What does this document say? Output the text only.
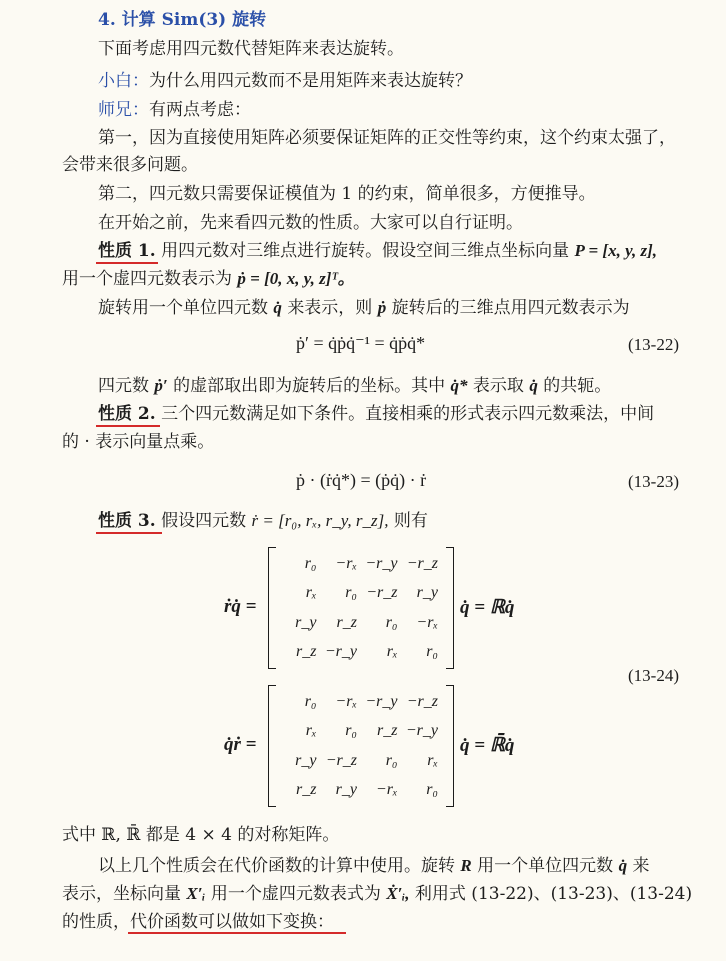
4. 计算 Sim(3) 旋转
下面考虑用四元数代替矩阵来表达旋转。
小白：为什么用四元数而不是用矩阵来表达旋转？
师兄：有两点考虑：
第一，因为直接使用矩阵必须要保证矩阵的正交性等约束，这个约束太强了，
会带来很多问题。
第二，四元数只需要保证模值为 1 的约束，简单很多，方便推导。
在开始之前，先来看四元数的性质。大家可以自行证明。
性质 1. 用四元数对三维点进行旋转。假设空间三维点坐标向量 P = [x, y, z],
用一个虚四元数表示为 ṗ = [0, x, y, z]ᵀ。
旋转用一个单位四元数 q̇ 来表示，则 ṗ 旋转后的三维点用四元数表示为
ṗ′ = q̇ṗq̇⁻¹ = q̇ṗq̇*	(13-22)
四元数 ṗ′ 的虚部取出即为旋转后的坐标。其中 q̇* 表示取 q̇ 的共轭。
性质 2. 三个四元数满足如下条件。直接相乘的形式表示四元数乘法，中间
的 · 表示向量点乘。
ṗ · (ṙq̇*) = (ṗq̇) · ṙ	(13-23)
性质 3. 假设四元数 ṙ = [r₀, rₓ, r_y, r_z], 则有
ṙq̇ =
r₀	−rₓ −r_y −r_z
rₓ	r₀ −r_z	r_y
r_y	r_z	r₀	−rₓ
r_z −r_y	rₓ	r₀
q̇ = ℝq̇
(13-24)
q̇ṙ =
r₀	−rₓ −r_y −r_z
rₓ	r₀	r_z −r_y
r_y −r_z	r₀	rₓ
r_z	r_y	−rₓ	r₀
q̇ = ℝ̄q̇
式中 ℝ, ℝ̄ 都是 4 × 4 的对称矩阵。
以上几个性质会在代价函数的计算中使用。旋转 R 用一个单位四元数 q̇ 来
表示，坐标向量 X′ᵢ 用一个虚四元数表式为 Ẋ′ᵢ, 利用式 (13-22)、(13-23)、(13-24)
的性质，代价函数可以做如下变换：
